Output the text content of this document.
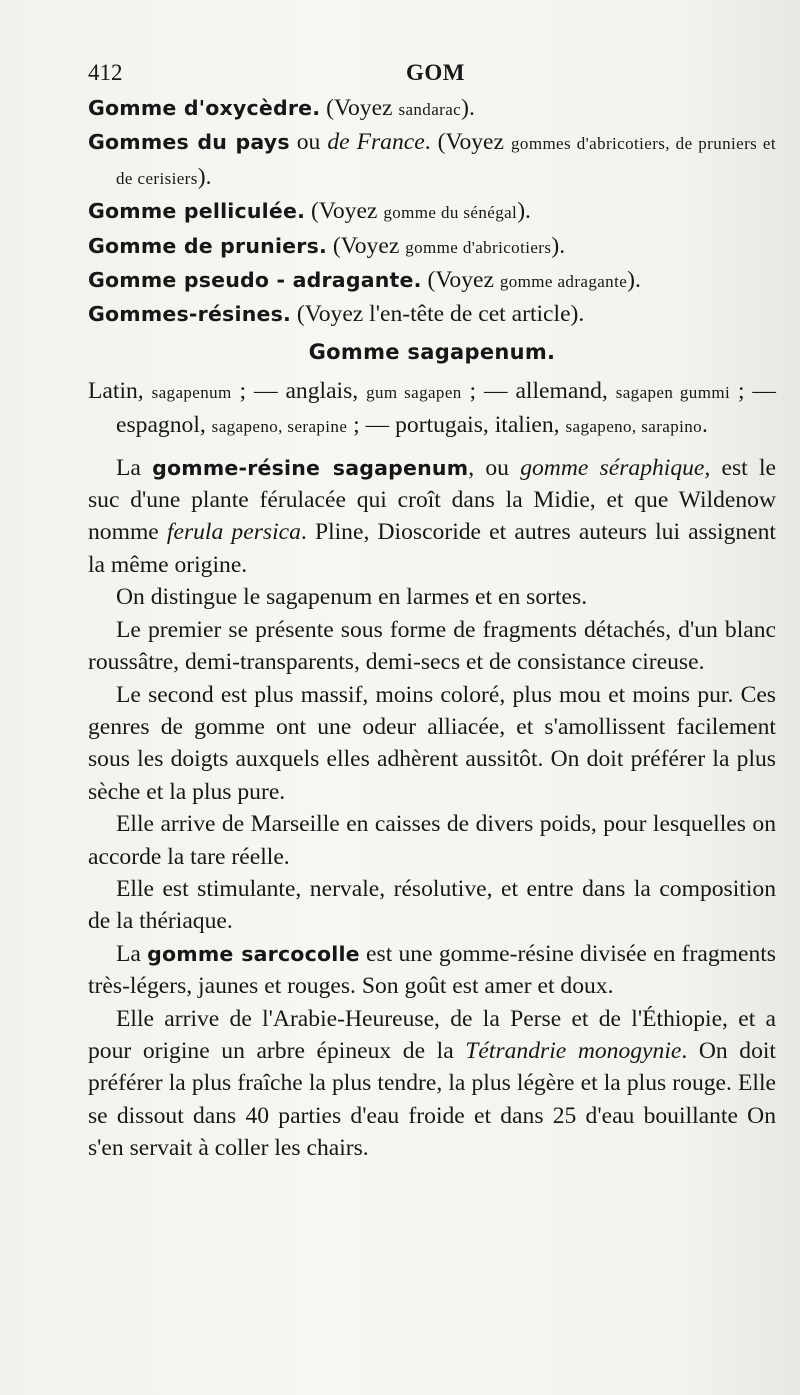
412	GOM

Gomme d'oxycèdre. (Voyez sandarac).

Gommes du pays ou de France. (Voyez gommes d'abricotiers, de pruniers et de cerisiers).

Gomme pelliculée. (Voyez gomme du sénégal).

Gomme de pruniers. (Voyez gomme d'abricotiers).

Gomme pseudo - adragante. (Voyez gomme adragante).

Gommes-résines. (Voyez l'en-tête de cet article).

Gomme sagapenum.

Latin, sagapenum ; — anglais, gum sagapen ; — allemand, sagapen gummi ; — espagnol, sagapeno, serapine ; — portugais, italien, sagapeno, sarapino.

La gomme-résine sagapenum, ou gomme séraphique, est le suc d'une plante férulacée qui croît dans la Midie, et que Wildenow nomme ferula persica. Pline, Dioscoride et autres auteurs lui assignent la même origine.

On distingue le sagapenum en larmes et en sortes.

Le premier se présente sous forme de fragments détachés, d'un blanc roussâtre, demi-transparents, demi-secs et de consistance cireuse.

Le second est plus massif, moins coloré, plus mou et moins pur. Ces genres de gomme ont une odeur alliacée, et s'amollissent facilement sous les doigts auxquels elles adhèrent aussitôt. On doit préférer la plus sèche et la plus pure.

Elle arrive de Marseille en caisses de divers poids, pour lesquelles on accorde la tare réelle.

Elle est stimulante, nervale, résolutive, et entre dans la composition de la thériaque.

La gomme sarcocolle est une gomme-résine divisée en fragments très-légers, jaunes et rouges. Son goût est amer et doux.

Elle arrive de l'Arabie-Heureuse, de la Perse et de l'Éthiopie, et a pour origine un arbre épineux de la Tétrandrie monogynie. On doit préférer la plus fraîche la plus tendre, la plus légère et la plus rouge. Elle se dissout dans 40 parties d'eau froide et dans 25 d'eau bouillante On s'en servait à coller les chairs.
